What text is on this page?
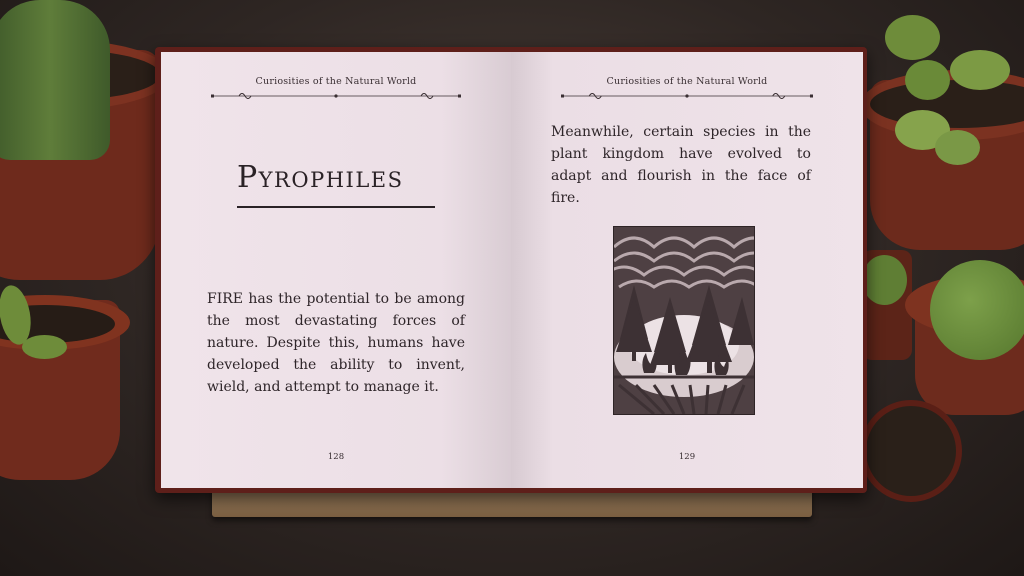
Curiosities of the Natural World
Pyrophiles
FIRE has the potential to be among the most devastating forces of nature. Despite this, humans have developed the ability to invent, wield, and attempt to manage it.
128
Curiosities of the Natural World
Meanwhile, certain species in the plant kingdom have evolved to adapt and flourish in the face of fire.
129
